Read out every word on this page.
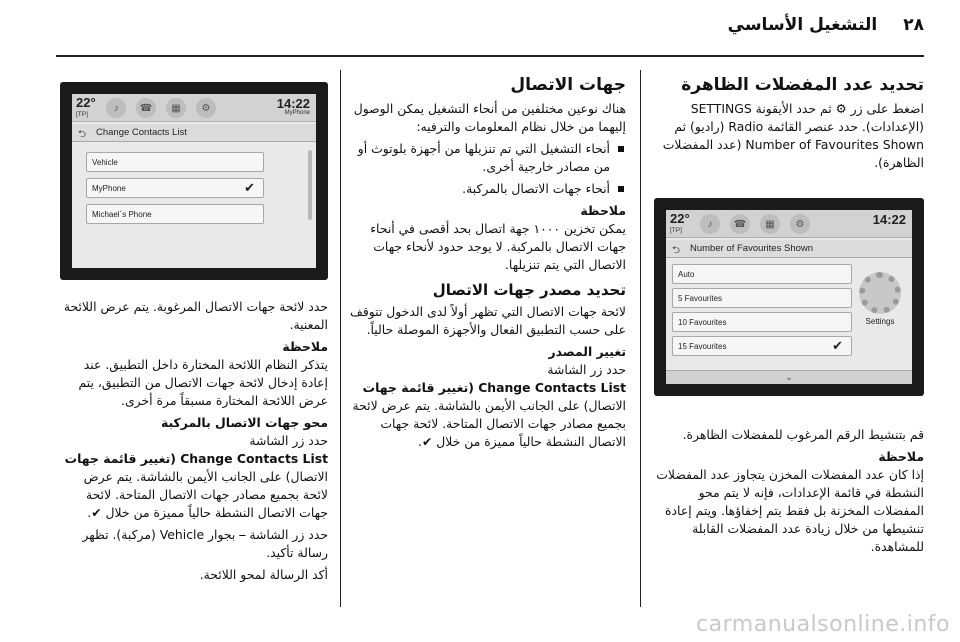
٢٨
التشغيل الأساسي
تحديد عدد المفضلات الظاهرة
اضغط على زر ⚙ ثم حدد الأيقونة SETTINGS (الإعدادات). حدد عنصر القائمة Radio (راديو) ثم Number of Favourites Shown (عدد المفضلات الظاهرة).
22°
[TP]
♪	☎	▦	⚙	14:22
⮌ Number of Favourites Shown
Auto
5 Favourites
10 Favourites
15 Favourites	✔
Settings
⌄
قم بتنشيط الرقم المرغوب للمفضلات الظاهرة.
ملاحظة
إذا كان عدد المفضلات المخزن يتجاوز عدد المفضلات النشطة في قائمة الإعدادات، فإنه لا يتم محو المفضلات المخزنة بل فقط يتم إخفاؤها. ويتم إعادة تنشيطها من خلال زيادة عدد المفضلات القابلة للمشاهدة.
جهات الاتصال
هناك نوعين مختلفين من أنحاء التشغيل يمكن الوصول إليهما من خلال نظام المعلومات والترفيه:
أنحاء التشغيل التي تم تنزيلها من أجهزة بلوتوث أو من مصادر خارجية أخرى.
أنحاء جهات الاتصال بالمركبة.
ملاحظة
يمكن تخزين ١٠٠٠ جهة اتصال بحد أقصى في أنحاء جهات الاتصال بالمركبة. لا يوجد حدود لأنحاء جهات الاتصال التي يتم تنزيلها.
تحديد مصدر جهات الاتصال
لائحة جهات الاتصال التي تظهر أولاً لدى الدخول تتوقف على حسب التطبيق الفعال والأجهزة الموصلة حالياً.
تغيير المصدر
حدد زر الشاشة
Change Contacts List (تغيير قائمة جهات
الاتصال) على الجانب الأيمن بالشاشة. يتم عرض لائحة بجميع مصادر جهات الاتصال المتاحة. لائحة جهات الاتصال النشطة حالياً مميزة من خلال ✔.
22°
[TP]
♪	☎	▦	⚙	14:22
MyPhone
⮌ Change Contacts List
Vehicle
MyPhone	✔
Michael´s Phone
حدد لائحة جهات الاتصال المرغوبة. يتم عرض اللائحة المعنية.
ملاحظة
يتذكر النظام اللائحة المختارة داخل التطبيق. عند إعادة إدخال لائحة جهات الاتصال من التطبيق، يتم عرض اللائحة المختارة مسبقاً مرة أخرى.
محو جهات الاتصال بالمركبة
حدد زر الشاشة
Change Contacts List (تغيير قائمة جهات
الاتصال) على الجانب الأيمن بالشاشة. يتم عرض لائحة بجميع مصادر جهات الاتصال المتاحة. لائحة جهات الاتصال النشطة حالياً مميزة من خلال ✔.
حدد زر الشاشة ⎯ بجوار Vehicle (مركبة). تظهر رسالة تأكيد.
أكد الرسالة لمحو اللائحة.
carmanualsonline.info
